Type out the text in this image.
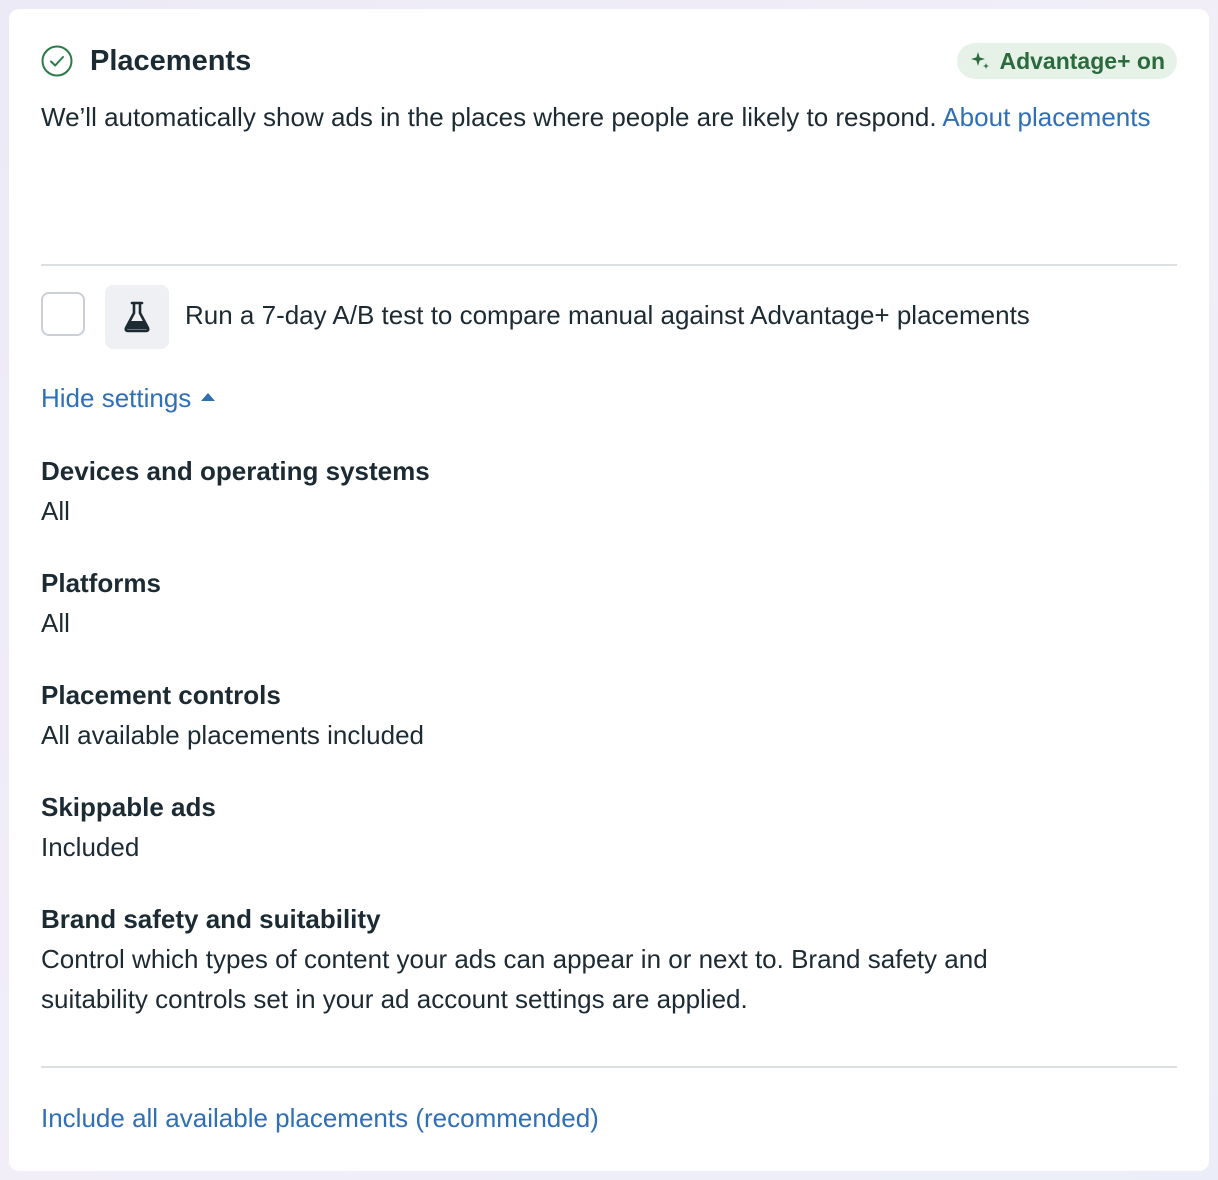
Placements	Advantage+ on
We’ll automatically show ads in the places where people are likely to respond. About placements
Run a 7-day A/B test to compare manual against Advantage+ placements
Hide settings
Devices and operating systems
All
Platforms
All
Placement controls
All available placements included
Skippable ads
Included
Brand safety and suitability
Control which types of content your ads can appear in or next to. Brand safety and suitability controls set in your ad account settings are applied.
Include all available placements (recommended)
